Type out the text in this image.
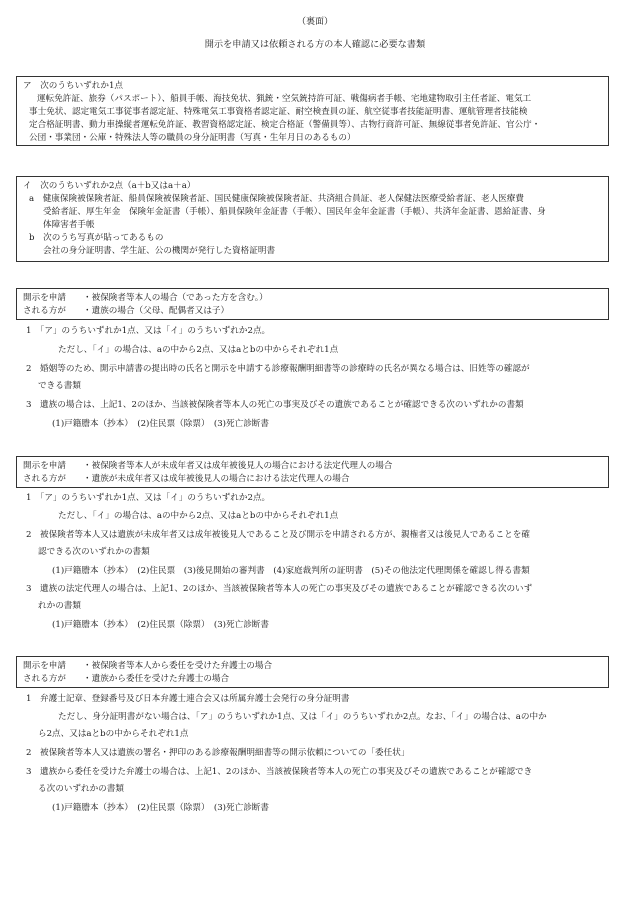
（裏面）
開示を申請又は依頼される方の本人確認に必要な書類

ア　次のうちいずれか1点

運転免許証、旅券（パスポート）、船員手帳、海技免状、猟銃・空気銃持許可証、戦傷病者手帳、宅地建物取引主任者証、電気工

事士免状、認定電気工事従事者認定証、特殊電気工事資格者認定証、耐空検査員の証、航空従事者技能証明書、運航管理者技能検

定合格証明書、動力車操縦者運転免許証、教習資格認定証、検定合格証（警備員等）、古物行商許可証、無線従事者免許証、官公庁・

公団・事業団・公庫・特殊法人等の職員の身分証明書（写真・生年月日のあるもの）

イ　次のうちいずれか2点（a＋b又はa＋a）

a　健康保険被保険者証、船員保険被保険者証、国民健康保険被保険者証、共済組合員証、老人保健法医療受給者証、老人医療費

受給者証、厚生年金　保険年金証書（手帳）、船員保険年金証書（手帳）、国民年金年金証書（手帳）、共済年金証書、恩給証書、身

体障害者手帳

b　次のうち写真が貼ってあるもの

会社の身分証明書、学生証、公の機関が発行した資格証明書

開示を申請	・被保険者等本人の場合（であった方を含む。）
される方が	・遺族の場合（父母、配偶者又は子）

1　「ア」のうちいずれか1点、又は「イ」のうちいずれか2点。

ただし、「イ」の場合は、aの中から2点、又はaとbの中からそれぞれ1点

2　婚姻等のため、開示申請書の提出時の氏名と開示を申請する診療報酬明細書等の診療時の氏名が異なる場合は、旧姓等の確認が

できる書類

3　遺族の場合は、上記1、2のほか、当該被保険者等本人の死亡の事実及びその遺族であることが確認できる次のいずれかの書類

(1)戸籍謄本（抄本）　(2)住民票（除票）　(3)死亡診断書

開示を申請	・被保険者等本人が未成年者又は成年被後見人の場合における法定代理人の場合
される方が	・遺族が未成年者又は成年被後見人の場合における法定代理人の場合

1　「ア」のうちいずれか1点、又は「イ」のうちいずれか2点。

ただし、「イ」の場合は、aの中から2点、又はaとbの中からそれぞれ1点

2　被保険者等本人又は遺族が未成年者又は成年被後見人であること及び開示を申請される方が、親権者又は後見人であることを確

認できる次のいずれかの書類

(1)戸籍謄本（抄本）　(2)住民票　(3)後見開始の審判書　(4)家庭裁判所の証明書　(5)その他法定代理関係を確認し得る書類

3　遺族の法定代理人の場合は、上記1、2のほか、当該被保険者等本人の死亡の事実及びその遺族であることが確認できる次のいず

れかの書類

(1)戸籍謄本（抄本）　(2)住民票（除票）　(3)死亡診断書

開示を申請	・被保険者等本人から委任を受けた弁護士の場合
される方が	・遺族から委任を受けた弁護士の場合

1　弁護士記章、登録番号及び日本弁護士連合会又は所属弁護士会発行の身分証明書

ただし、身分証明書がない場合は、「ア」のうちいずれか1点、又は「イ」のうちいずれか2点。なお、「イ」の場合は、aの中か

ら2点、又はaとbの中からそれぞれ1点

2　被保険者等本人又は遺族の署名・押印のある診療報酬明細書等の開示依頼についての「委任状」

3　遺族から委任を受けた弁護士の場合は、上記1、2のほか、当該被保険者等本人の死亡の事実及びその遺族であることが確認でき

る次のいずれかの書類

(1)戸籍謄本（抄本）　(2)住民票（除票）　(3)死亡診断書
